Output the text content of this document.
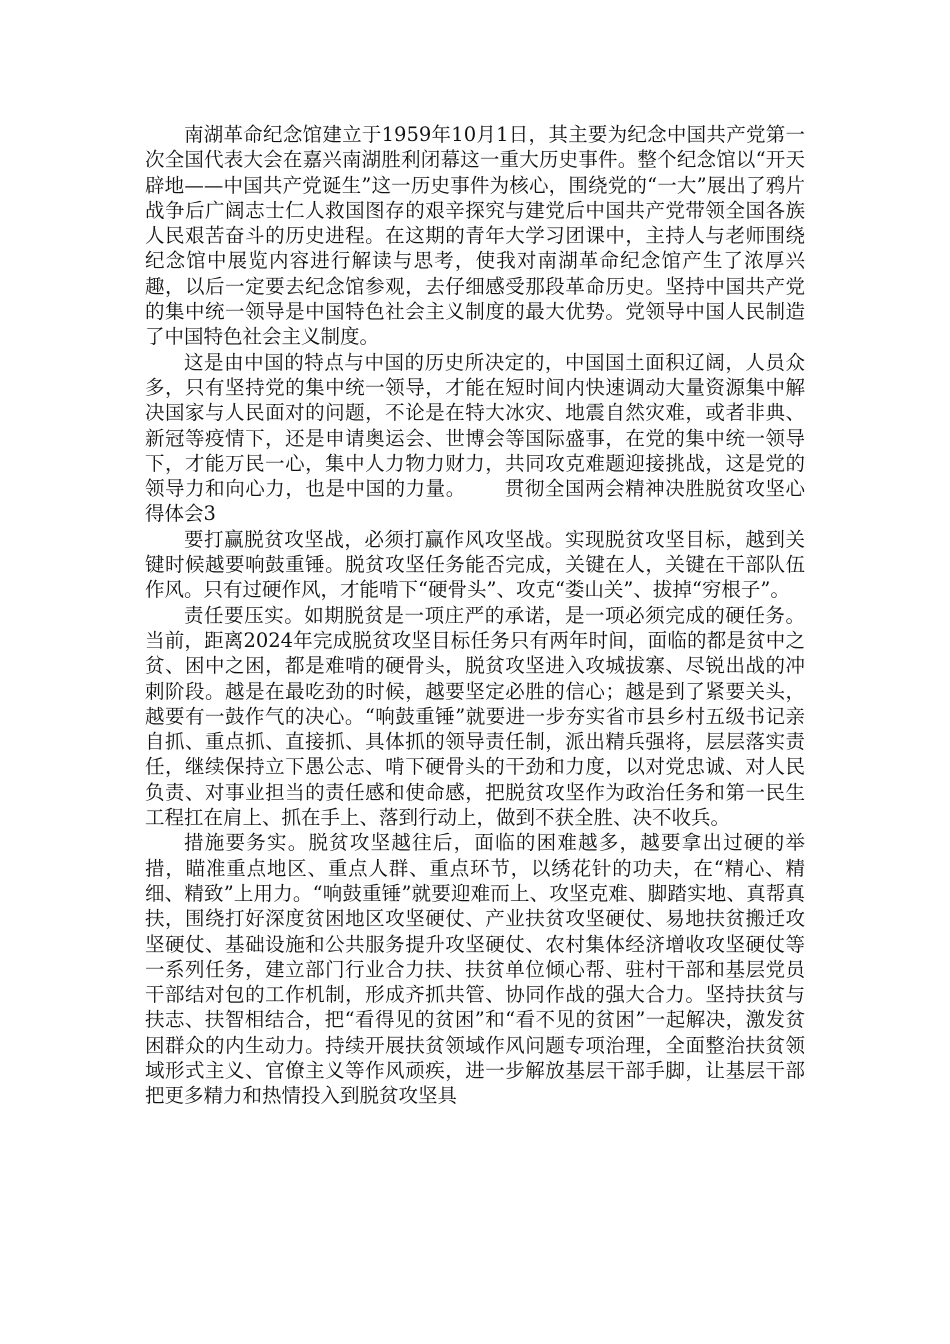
南湖革命纪念馆建立于1959年10月1日，其主要为纪念中国共产党第一次全国代表大会在嘉兴南湖胜利闭幕这一重大历史事件。整个纪念馆以“开天辟地——中国共产党诞生”这一历史事件为核心，围绕党的“一大”展出了鸦片战争后广阔志士仁人救国图存的艰辛探究与建党后中国共产党带领全国各族人民艰苦奋斗的历史进程。在这期的青年大学习团课中，主持人与老师围绕纪念馆中展览内容进行解读与思考，使我对南湖革命纪念馆产生了浓厚兴趣，以后一定要去纪念馆参观，去仔细感受那段革命历史。坚持中国共产党的集中统一领导是中国特色社会主义制度的最大优势。党领导中国人民制造了中国特色社会主义制度。

这是由中国的特点与中国的历史所决定的，中国国土面积辽阔，人员众多，只有坚持党的集中统一领导，才能在短时间内快速调动大量资源集中解决国家与人民面对的问题，不论是在特大冰灾、地震自然灾难，或者非典、新冠等疫情下，还是申请奥运会、世博会等国际盛事，在党的集中统一领导下，才能万民一心，集中人力物力财力，共同攻克难题迎接挑战，这是党的领导力和向心力，也是中国的力量。 贯彻全国两会精神决胜脱贫攻坚心得体会3

要打赢脱贫攻坚战，必须打赢作风攻坚战。实现脱贫攻坚目标，越到关键时候越要响鼓重锤。脱贫攻坚任务能否完成，关键在人，关键在干部队伍作风。只有过硬作风，才能啃下“硬骨头”、攻克“娄山关”、拔掉“穷根子”。

责任要压实。如期脱贫是一项庄严的承诺，是一项必须完成的硬任务。当前，距离2024年完成脱贫攻坚目标任务只有两年时间，面临的都是贫中之贫、困中之困，都是难啃的硬骨头，脱贫攻坚进入攻城拔寨、尽锐出战的冲刺阶段。越是在最吃劲的时候，越要坚定必胜的信心；越是到了紧要关头，越要有一鼓作气的决心。“响鼓重锤”就要进一步夯实省市县乡村五级书记亲自抓、重点抓、直接抓、具体抓的领导责任制，派出精兵强将，层层落实责任，继续保持立下愚公志、啃下硬骨头的干劲和力度，以对党忠诚、对人民负责、对事业担当的责任感和使命感，把脱贫攻坚作为政治任务和第一民生工程扛在肩上、抓在手上、落到行动上，做到不获全胜、决不收兵。

措施要务实。脱贫攻坚越往后，面临的困难越多，越要拿出过硬的举措，瞄准重点地区、重点人群、重点环节，以绣花针的功夫，在“精心、精细、精致”上用力。“响鼓重锤”就要迎难而上、攻坚克难、脚踏实地、真帮真扶，围绕打好深度贫困地区攻坚硬仗、产业扶贫攻坚硬仗、易地扶贫搬迁攻坚硬仗、基础设施和公共服务提升攻坚硬仗、农村集体经济增收攻坚硬仗等一系列任务，建立部门行业合力扶、扶贫单位倾心帮、驻村干部和基层党员干部结对包的工作机制，形成齐抓共管、协同作战的强大合力。坚持扶贫与扶志、扶智相结合，把“看得见的贫困”和“看不见的贫困”一起解决，激发贫困群众的内生动力。持续开展扶贫领域作风问题专项治理，全面整治扶贫领域形式主义、官僚主义等作风顽疾，进一步解放基层干部手脚，让基层干部把更多精力和热情投入到脱贫攻坚具
